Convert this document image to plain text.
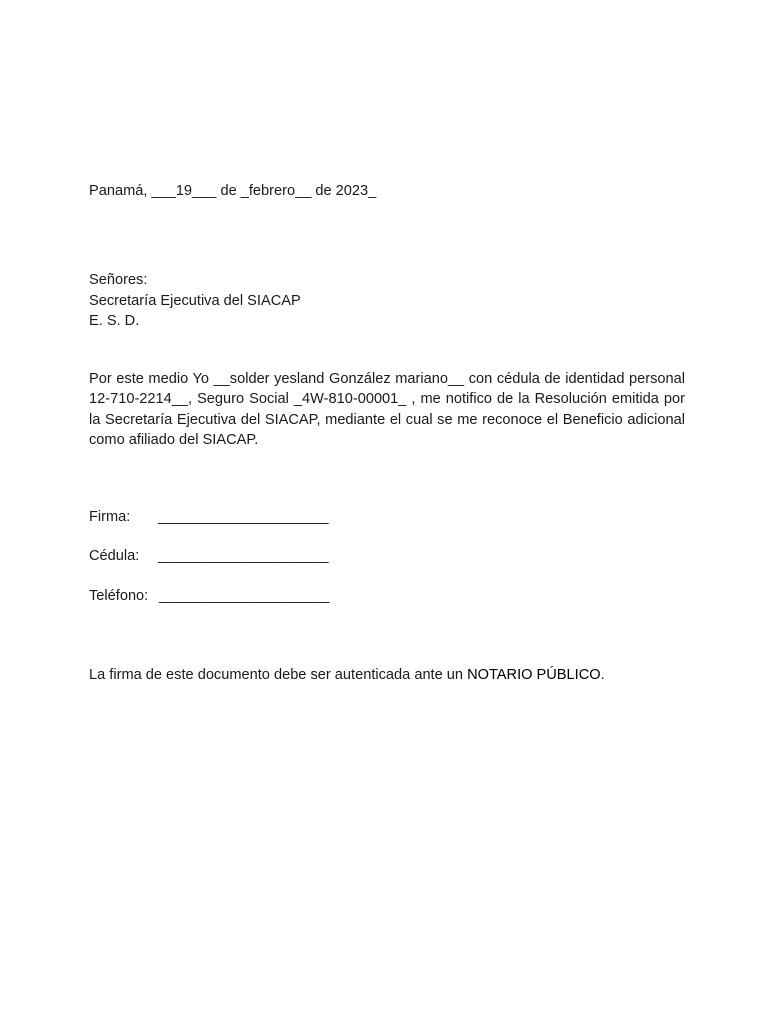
Panamá, ___19___ de _febrero__ de 2023_
Señores:
Secretaría Ejecutiva del SIACAP
E. S. D.
Por este medio Yo __solder yesland González mariano__ con cédula de identidad personal 12-710-2214__, Seguro Social _4W-810-00001_ , me notifico de la Resolución emitida por la Secretaría Ejecutiva del SIACAP, mediante el cual se me reconoce el Beneficio adicional como afiliado del SIACAP.
Firma: _____________________
Cédula: _____________________
Teléfono: _____________________
La firma de este documento debe ser autenticada ante un NOTARIO PÚBLICO.
